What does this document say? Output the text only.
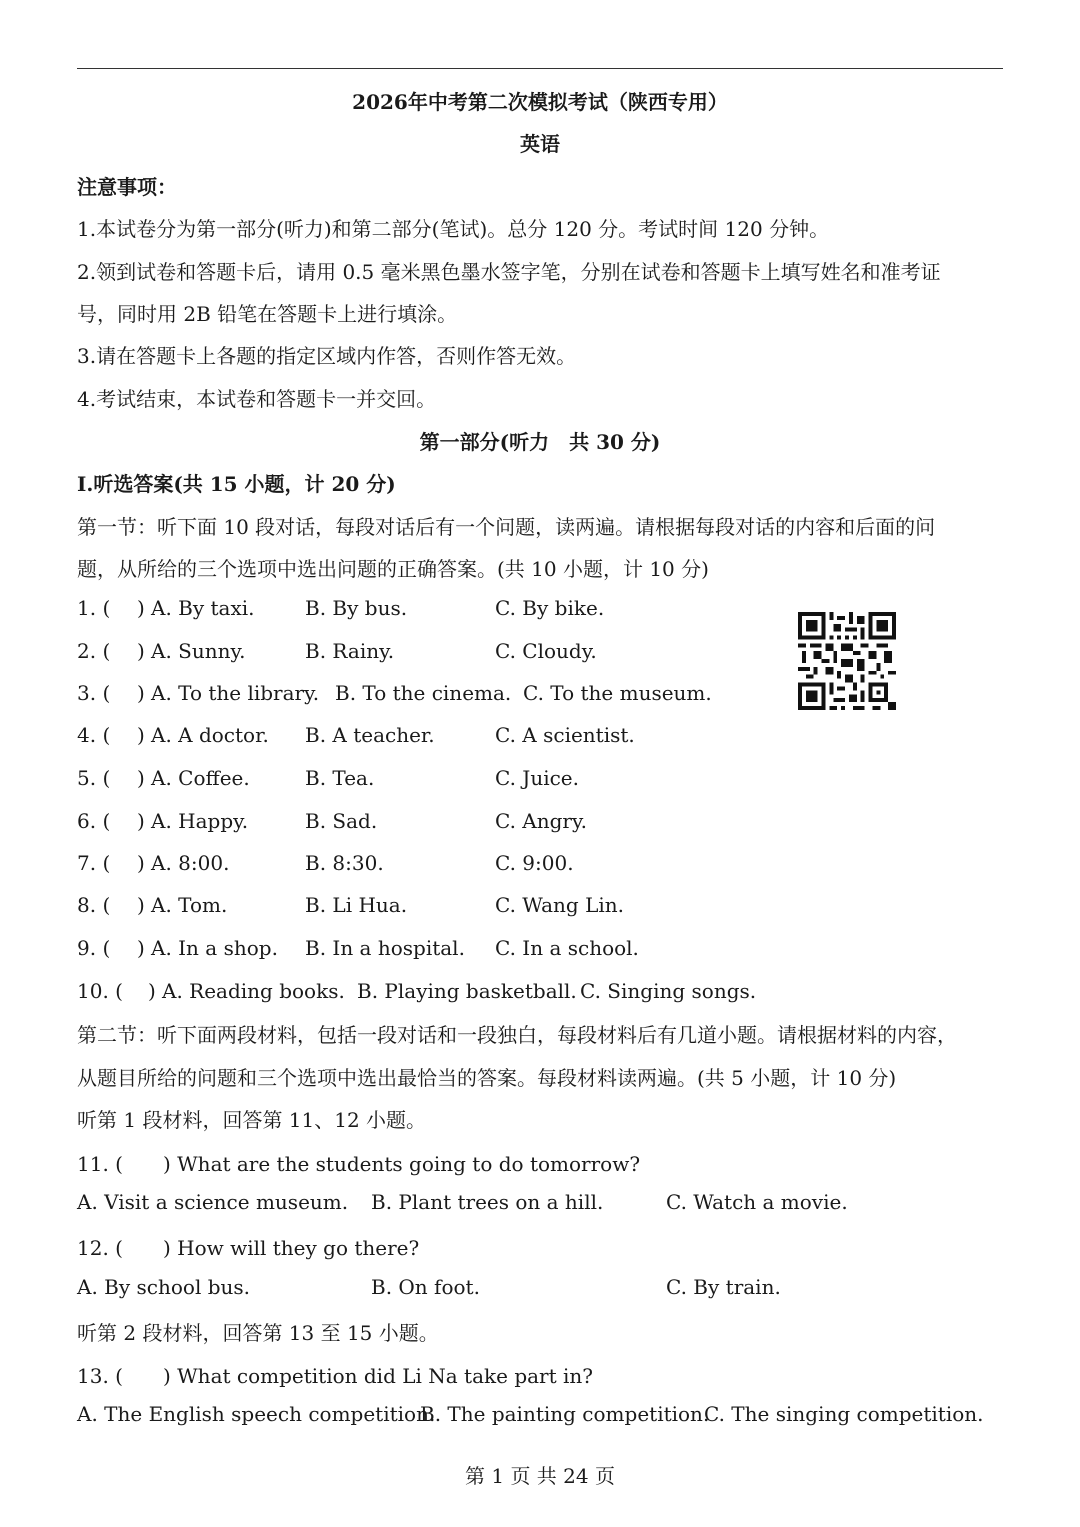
2026年中考第二次模拟考试（陕西专用）
英语
注意事项：
1.本试卷分为第一部分(听力)和第二部分(笔试)。总分 120 分。考试时间 120 分钟。
2.领到试卷和答题卡后，请用 0.5 毫米黑色墨水签字笔，分别在试卷和答题卡上填写姓名和准考证
号，同时用 2B 铅笔在答题卡上进行填涂。
3.请在答题卡上各题的指定区域内作答，否则作答无效。
4.考试结束，本试卷和答题卡一并交回。
第一部分(听力　共 30 分)
I.听选答案(共 15 小题，计 20 分)
第一节：听下面 10 段对话，每段对话后有一个问题，读两遍。请根据每段对话的内容和后面的问
题，从所给的三个选项中选出问题的正确答案。(共 10 小题，计 10 分)
1. ( ) A. By taxi.	B. By bus.	C. By bike.
2. ( ) A. Sunny.	B. Rainy.	C. Cloudy.
3. ( ) A. To the library. B. To the cinema. C. To the museum.
4. ( ) A. A doctor. B. A teacher.	C. A scientist.
5. ( ) A. Coffee.	B. Tea.	C. Juice.
6. ( ) A. Happy.	B. Sad.	C. Angry.
7. ( ) A. 8:00.	B. 8:30.	C. 9:00.
8. ( ) A. Tom.	B. Li Hua.	C. Wang Lin.
9. ( ) A. In a shop. B. In a hospital. C. In a school.
10. ( ) A. Reading books. B. Playing basketball. C. Singing songs.
第二节：听下面两段材料，包括一段对话和一段独白，每段材料后有几道小题。请根据材料的内容，
从题目所给的问题和三个选项中选出最恰当的答案。每段材料读两遍。(共 5 小题，计 10 分)
听第 1 段材料，回答第 11、12 小题。
11. (　　) What are the students going to do tomorrow?
A. Visit a science museum. B. Plant trees on a hill.	C. Watch a movie.
12. (　　) How will they go there?
A. By school bus.	B. On foot.	C. By train.
听第 2 段材料，回答第 13 至 15 小题。
13. (　　) What competition did Li Na take part in?
A. The English speech competition.
B. The painting competition.
C. The singing competition.
第 1 页 共 24 页
